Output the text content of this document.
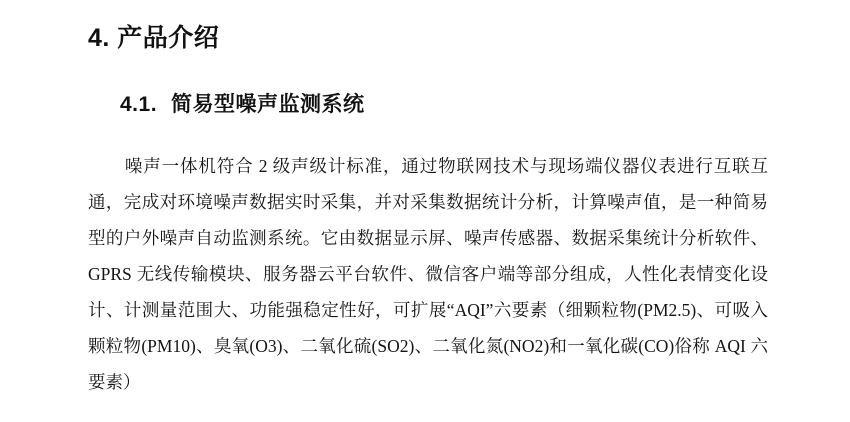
4. 产品介绍
4.1. 简易型噪声监测系统

噪声一体机符合 2 级声级计标准，通过物联网技术与现场端仪器仪表进行互联互通，完成对环境噪声数据实时采集，并对采集数据统计分析，计算噪声值，是一种简易型的户外噪声自动监测系统。它由数据显示屏、噪声传感器、数据采集统计分析软件、GPRS 无线传输模块、服务器云平台软件、微信客户端等部分组成，人性化表情变化设计、计测量范围大、功能强稳定性好，可扩展“AQI”六要素（细颗粒物(PM2.5)、可吸入颗粒物(PM10)、臭氧(O3)、二氧化硫(SO2)、二氧化氮(NO2)和一氧化碳(CO)俗称 AQI 六要素）
